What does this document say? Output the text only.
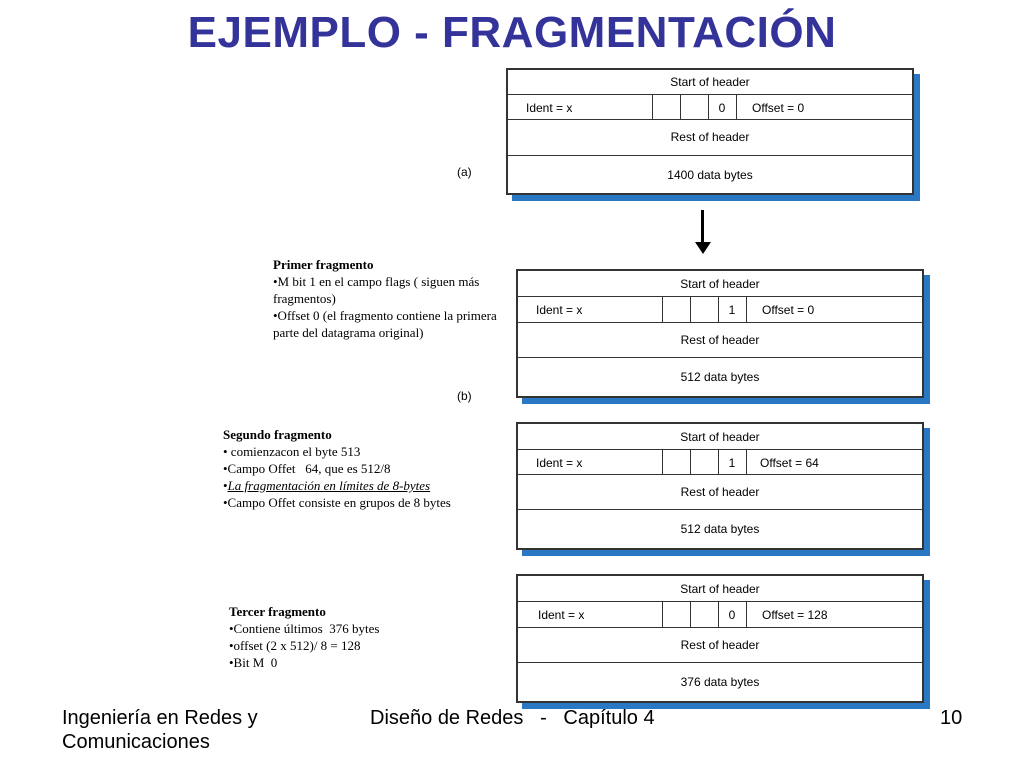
EJEMPLO - FRAGMENTACIÓN
Start of header
Ident = x	0	Offset = 0
Rest of header
1400 data bytes
(a)
Start of header
Ident = x	1	Offset = 0
Rest of header
512 data bytes
(b)
Start of header
Ident = x	1	Offset = 64
Rest of header
512 data bytes
Start of header
Ident = x	0	Offset = 128
Rest of header
376 data bytes
Primer fragmento
•M bit 1 en el campo flags ( siguen más
fragmentos)
•Offset 0 (el fragmento contiene la primera
parte del datagrama original)
Segundo fragmento
• comienzacon el byte 513
•Campo Offet   64, que es 512/8
•La fragmentación en límites de 8-bytes
•Campo Offet consiste en grupos de 8 bytes
Tercer fragmento
•Contiene últimos  376 bytes
•offset (2 x 512)/ 8 = 128
•Bit M  0
Ingeniería en Redes y Comunicaciones
Diseño de Redes   -   Capítulo 4	10
